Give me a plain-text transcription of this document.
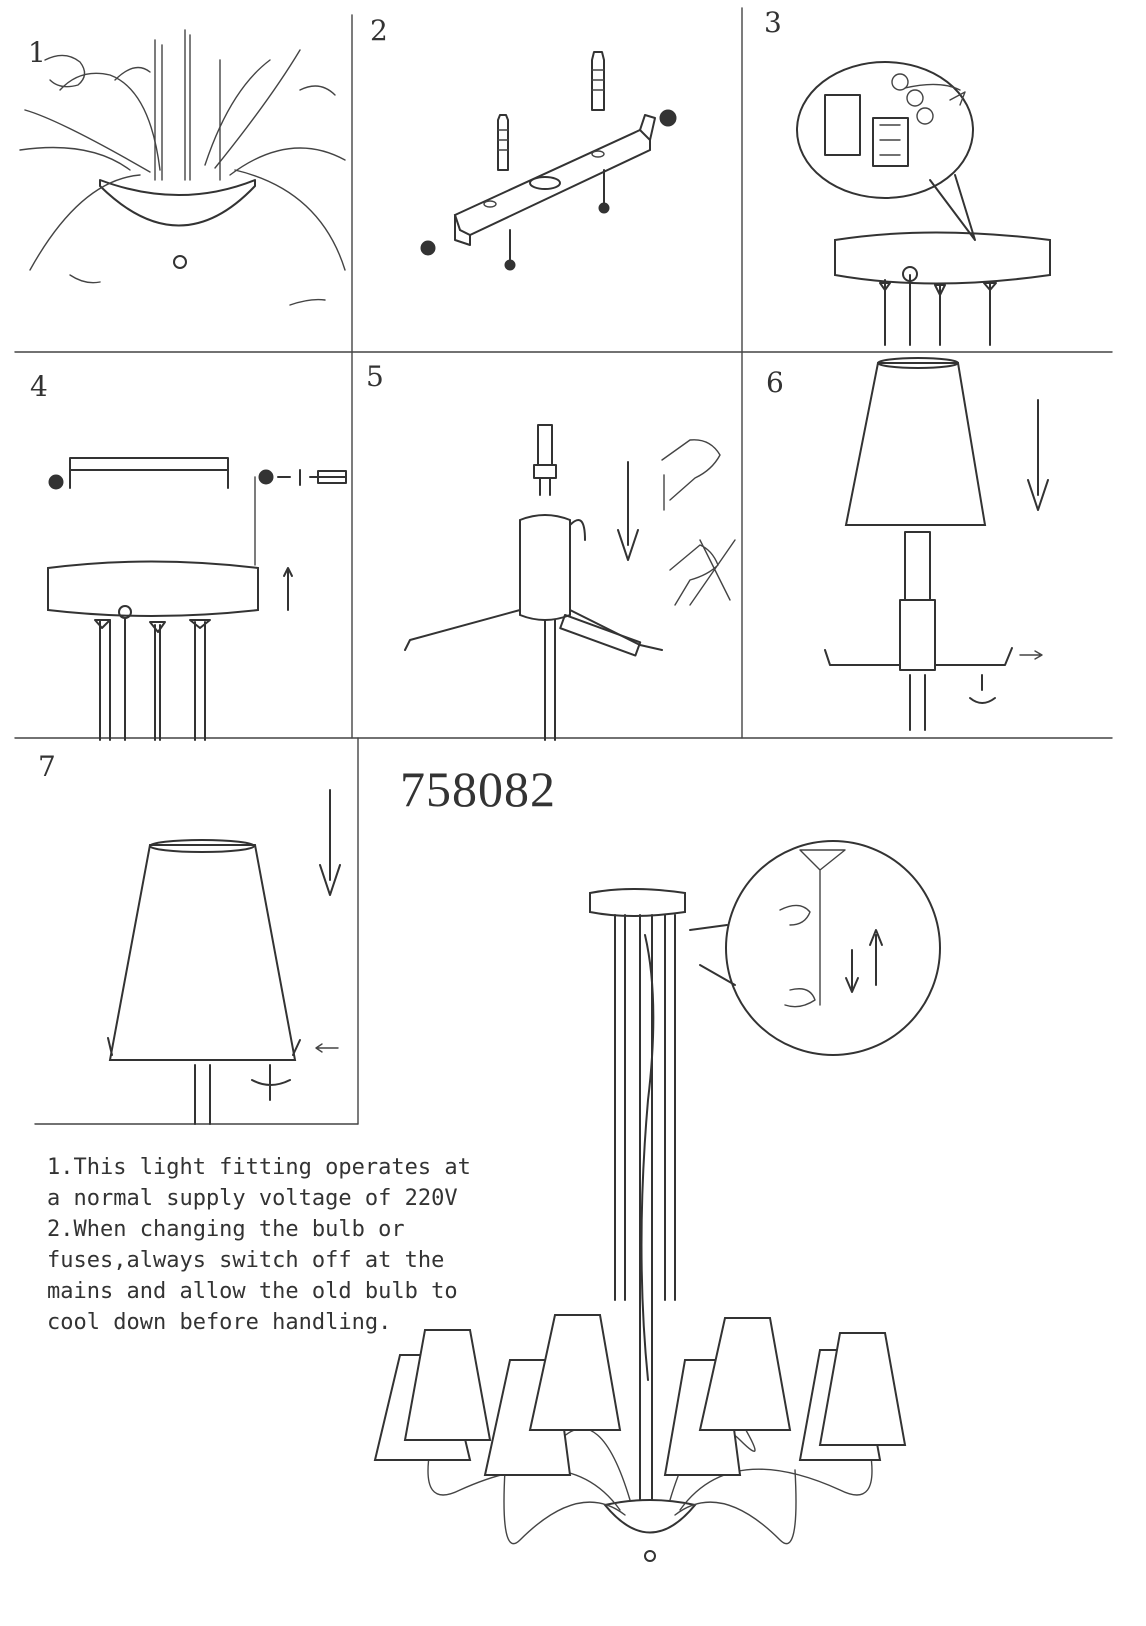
1
2	3
4	5	6
7	758082
1.This light fitting operates at
a normal supply voltage of 220V
2.When changing the bulb or
fuses,always switch off at the
mains and allow the old bulb to
cool down before handling.
